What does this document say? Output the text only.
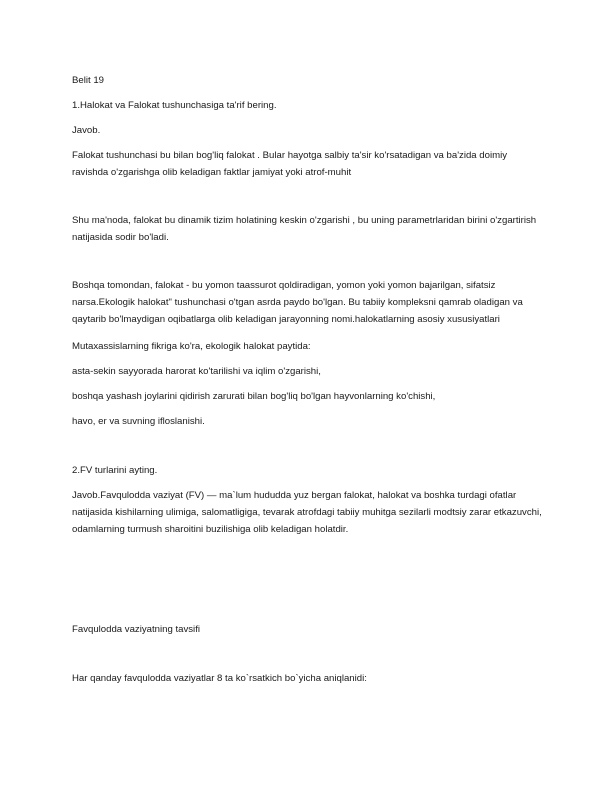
Belit 19
1.Halokat va Falokat tushunchasiga ta'rif bering.
Javob.
Falokat tushunchasi bu bilan bog'liq falokat . Bular hayotga salbiy ta'sir ko'rsatadigan va ba'zida doimiy ravishda o'zgarishga olib keladigan faktlar jamiyat yoki atrof-muhit
Shu ma'noda, falokat bu dinamik tizim holatining keskin o'zgarishi , bu uning parametrlaridan birini o'zgartirish natijasida sodir bo'ladi.
Boshqa tomondan, falokat - bu yomon taassurot qoldiradigan, yomon yoki yomon bajarilgan, sifatsiz narsa.Ekologik halokat" tushunchasi o'tgan asrda paydo bo'lgan. Bu tabiiy kompleksni qamrab oladigan va qaytarib bo'lmaydigan oqibatlarga olib keladigan jarayonning nomi.halokatlarning asosiy xususiyatlari
Mutaxassislarning fikriga ko'ra, ekologik halokat paytida:
asta-sekin sayyorada harorat ko'tarilishi va iqlim o'zgarishi,
boshqa yashash joylarini qidirish zarurati bilan bog'liq bo'lgan hayvonlarning ko'chishi,
havo, er va suvning ifloslanishi.
2.FV turlarini ayting.
Javob.Favqulodda vaziyat (FV) — ma`lum hududda yuz bergan falokat, halokat va boshka turdagi ofatlar natijasida kishilarning ulimiga, salomatligiga, tevarak atrofdagi tabiiy muhitga sezilarli modtsiy zarar etkazuvchi, odamlarning turmush sharoitini buzilishiga olib keladigan holatdir.
Favqulodda vaziyatning tavsifi
Har qanday favqulodda vaziyatlar 8 ta ko`rsatkich bo`yicha aniqlanidi:
